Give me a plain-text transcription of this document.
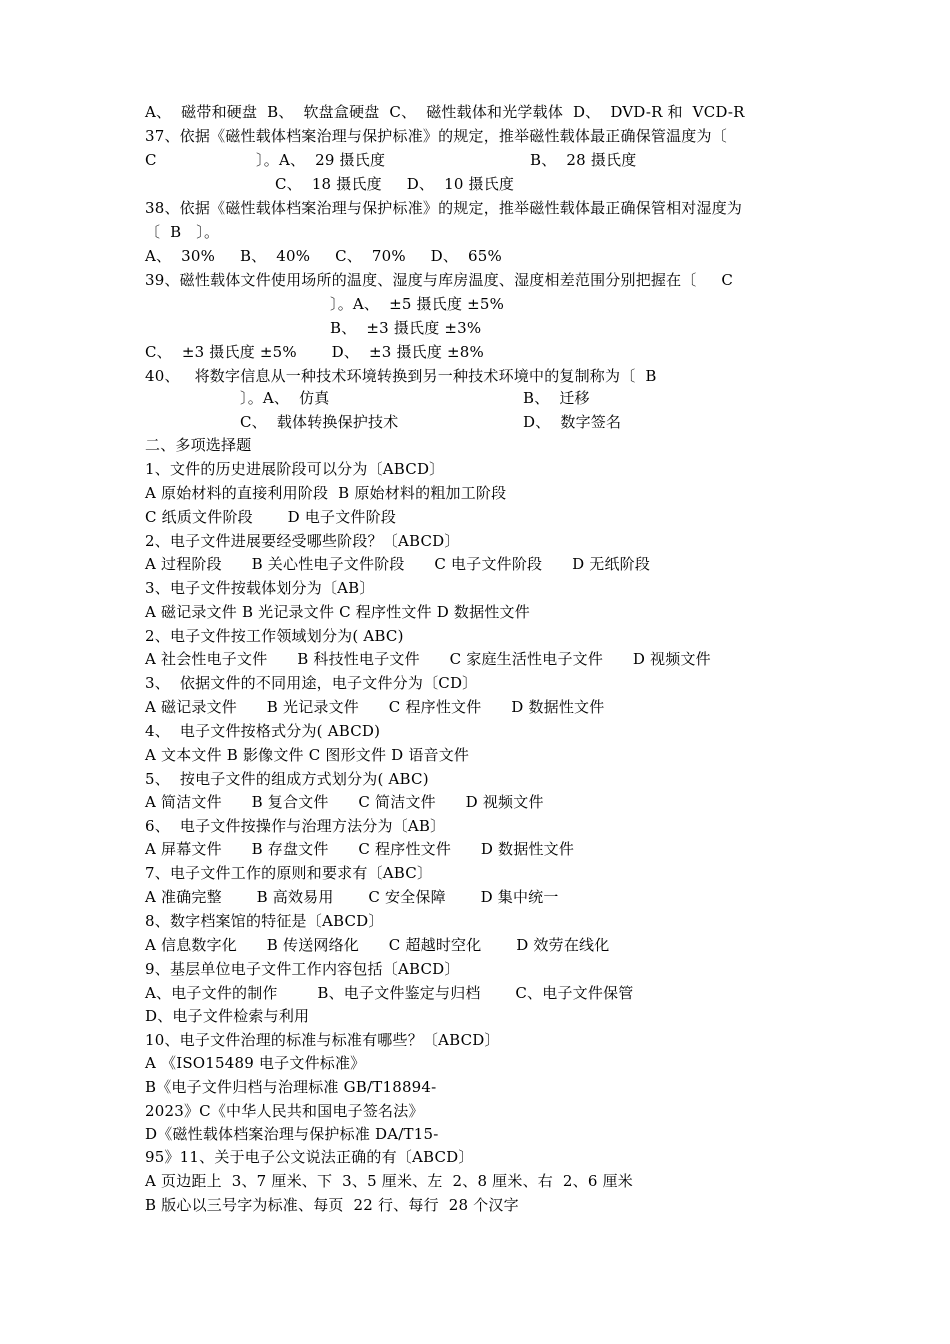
A、  磁带和硬盘  B、  软盘盒硬盘  C、  磁性载体和光学载体  D、  DVD-R 和  VCD-R
37、依据《磁性载体档案治理与保护标准》的规定，推举磁性载体最正确保管温度为〔
C                    〕。A、  29 摄氏度	B、  28 摄氏度
C、  18 摄氏度     D、  10 摄氏度
38、依据《磁性载体档案治理与保护标准》的规定，推举磁性载体最正确保管相对湿度为
〔  B   〕。
A、  30%     B、  40%     C、  70%     D、  65%
39、磁性载体文件使用场所的温度、湿度与库房温度、湿度相差范围分别把握在〔     C
〕。A、  ±5 摄氏度 ±5%
B、  ±3 摄氏度 ±3%
C、  ±3 摄氏度 ±5%       D、  ±3 摄氏度 ±8%
40、   将数字信息从一种技术环境转换到另一种技术环境中的复制称为〔  B
〕。A、  仿真	B、  迁移
C、  载体转换保护技术	D、  数字签名
二、多项选择题
1、文件的历史进展阶段可以分为〔ABCD〕
A 原始材料的直接利用阶段  B 原始材料的粗加工阶段
C 纸质文件阶段       D 电子文件阶段
2、电子文件进展要经受哪些阶段？〔ABCD〕
A 过程阶段      B 关心性电子文件阶段      C 电子文件阶段      D 无纸阶段
3、电子文件按载体划分为〔AB〕
A 磁记录文件 B 光记录文件 C 程序性文件 D 数据性文件
2、电子文件按工作领域划分为( ABC)
A 社会性电子文件      B 科技性电子文件      C 家庭生活性电子文件      D 视频文件
3、  依据文件的不同用途，电子文件分为〔CD〕
A 磁记录文件      B 光记录文件      C 程序性文件      D 数据性文件
4、  电子文件按格式分为( ABCD)
A 文本文件 B 影像文件 C 图形文件 D 语音文件
5、  按电子文件的组成方式划分为( ABC)
A 简洁文件      B 复合文件      C 简洁文件      D 视频文件
6、  电子文件按操作与治理方法分为〔AB〕
A 屏幕文件      B 存盘文件      C 程序性文件      D 数据性文件
7、电子文件工作的原则和要求有〔ABC〕
A 准确完整       B 高效易用       C 安全保障       D 集中统一
8、数字档案馆的特征是〔ABCD〕
A 信息数字化      B 传送网络化      C 超越时空化       D 效劳在线化
9、基层单位电子文件工作内容包括〔ABCD〕
A、电子文件的制作        B、电子文件鉴定与归档       C、电子文件保管
D、电子文件检索与利用
10、电子文件治理的标准与标准有哪些？〔ABCD〕
A 《ISO15489 电子文件标准》
B《电子文件归档与治理标准 GB/T18894-
2023》C《中华人民共和国电子签名法》
D《磁性载体档案治理与保护标准 DA/T15-
95》11、关于电子公文说法正确的有〔ABCD〕
A 页边距上  3、7 厘米、下  3、5 厘米、左  2、8 厘米、右  2、6 厘米
B 版心以三号字为标准、每页  22 行、每行  28 个汉字
